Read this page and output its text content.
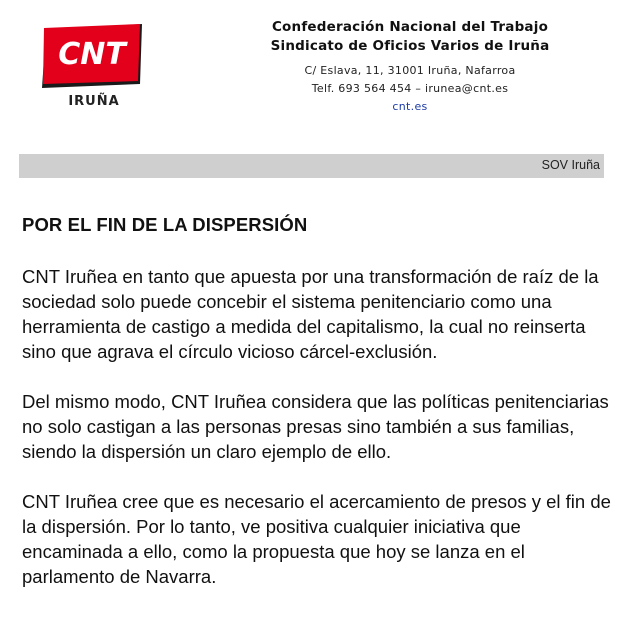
CNT
IRUÑA
Confederación Nacional del Trabajo
Sindicato de Oficios Varios de Iruña
C/ Eslava, 11, 31001 Iruña, Nafarroa
Telf. 693 564 454 – irunea@cnt.es
cnt.es
SOV Iruña
POR EL FIN DE LA DISPERSIÓN

CNT Iruñea en tanto que apuesta por una transformación de raíz de la sociedad solo puede concebir el sistema penitenciario como una herramienta de castigo a medida del capitalismo, la cual no reinserta sino que agrava el círculo vicioso cárcel-exclusión.

Del mismo modo, CNT Iruñea considera que las políticas penitenciarias no solo castigan a las personas presas sino también a sus familias, siendo la dispersión un claro ejemplo de ello.

CNT Iruñea cree que es necesario el acercamiento de presos y el fin de la dispersión. Por lo tanto, ve positiva cualquier iniciativa que encaminada a ello, como la propuesta que hoy se lanza en el parlamento de Navarra.
